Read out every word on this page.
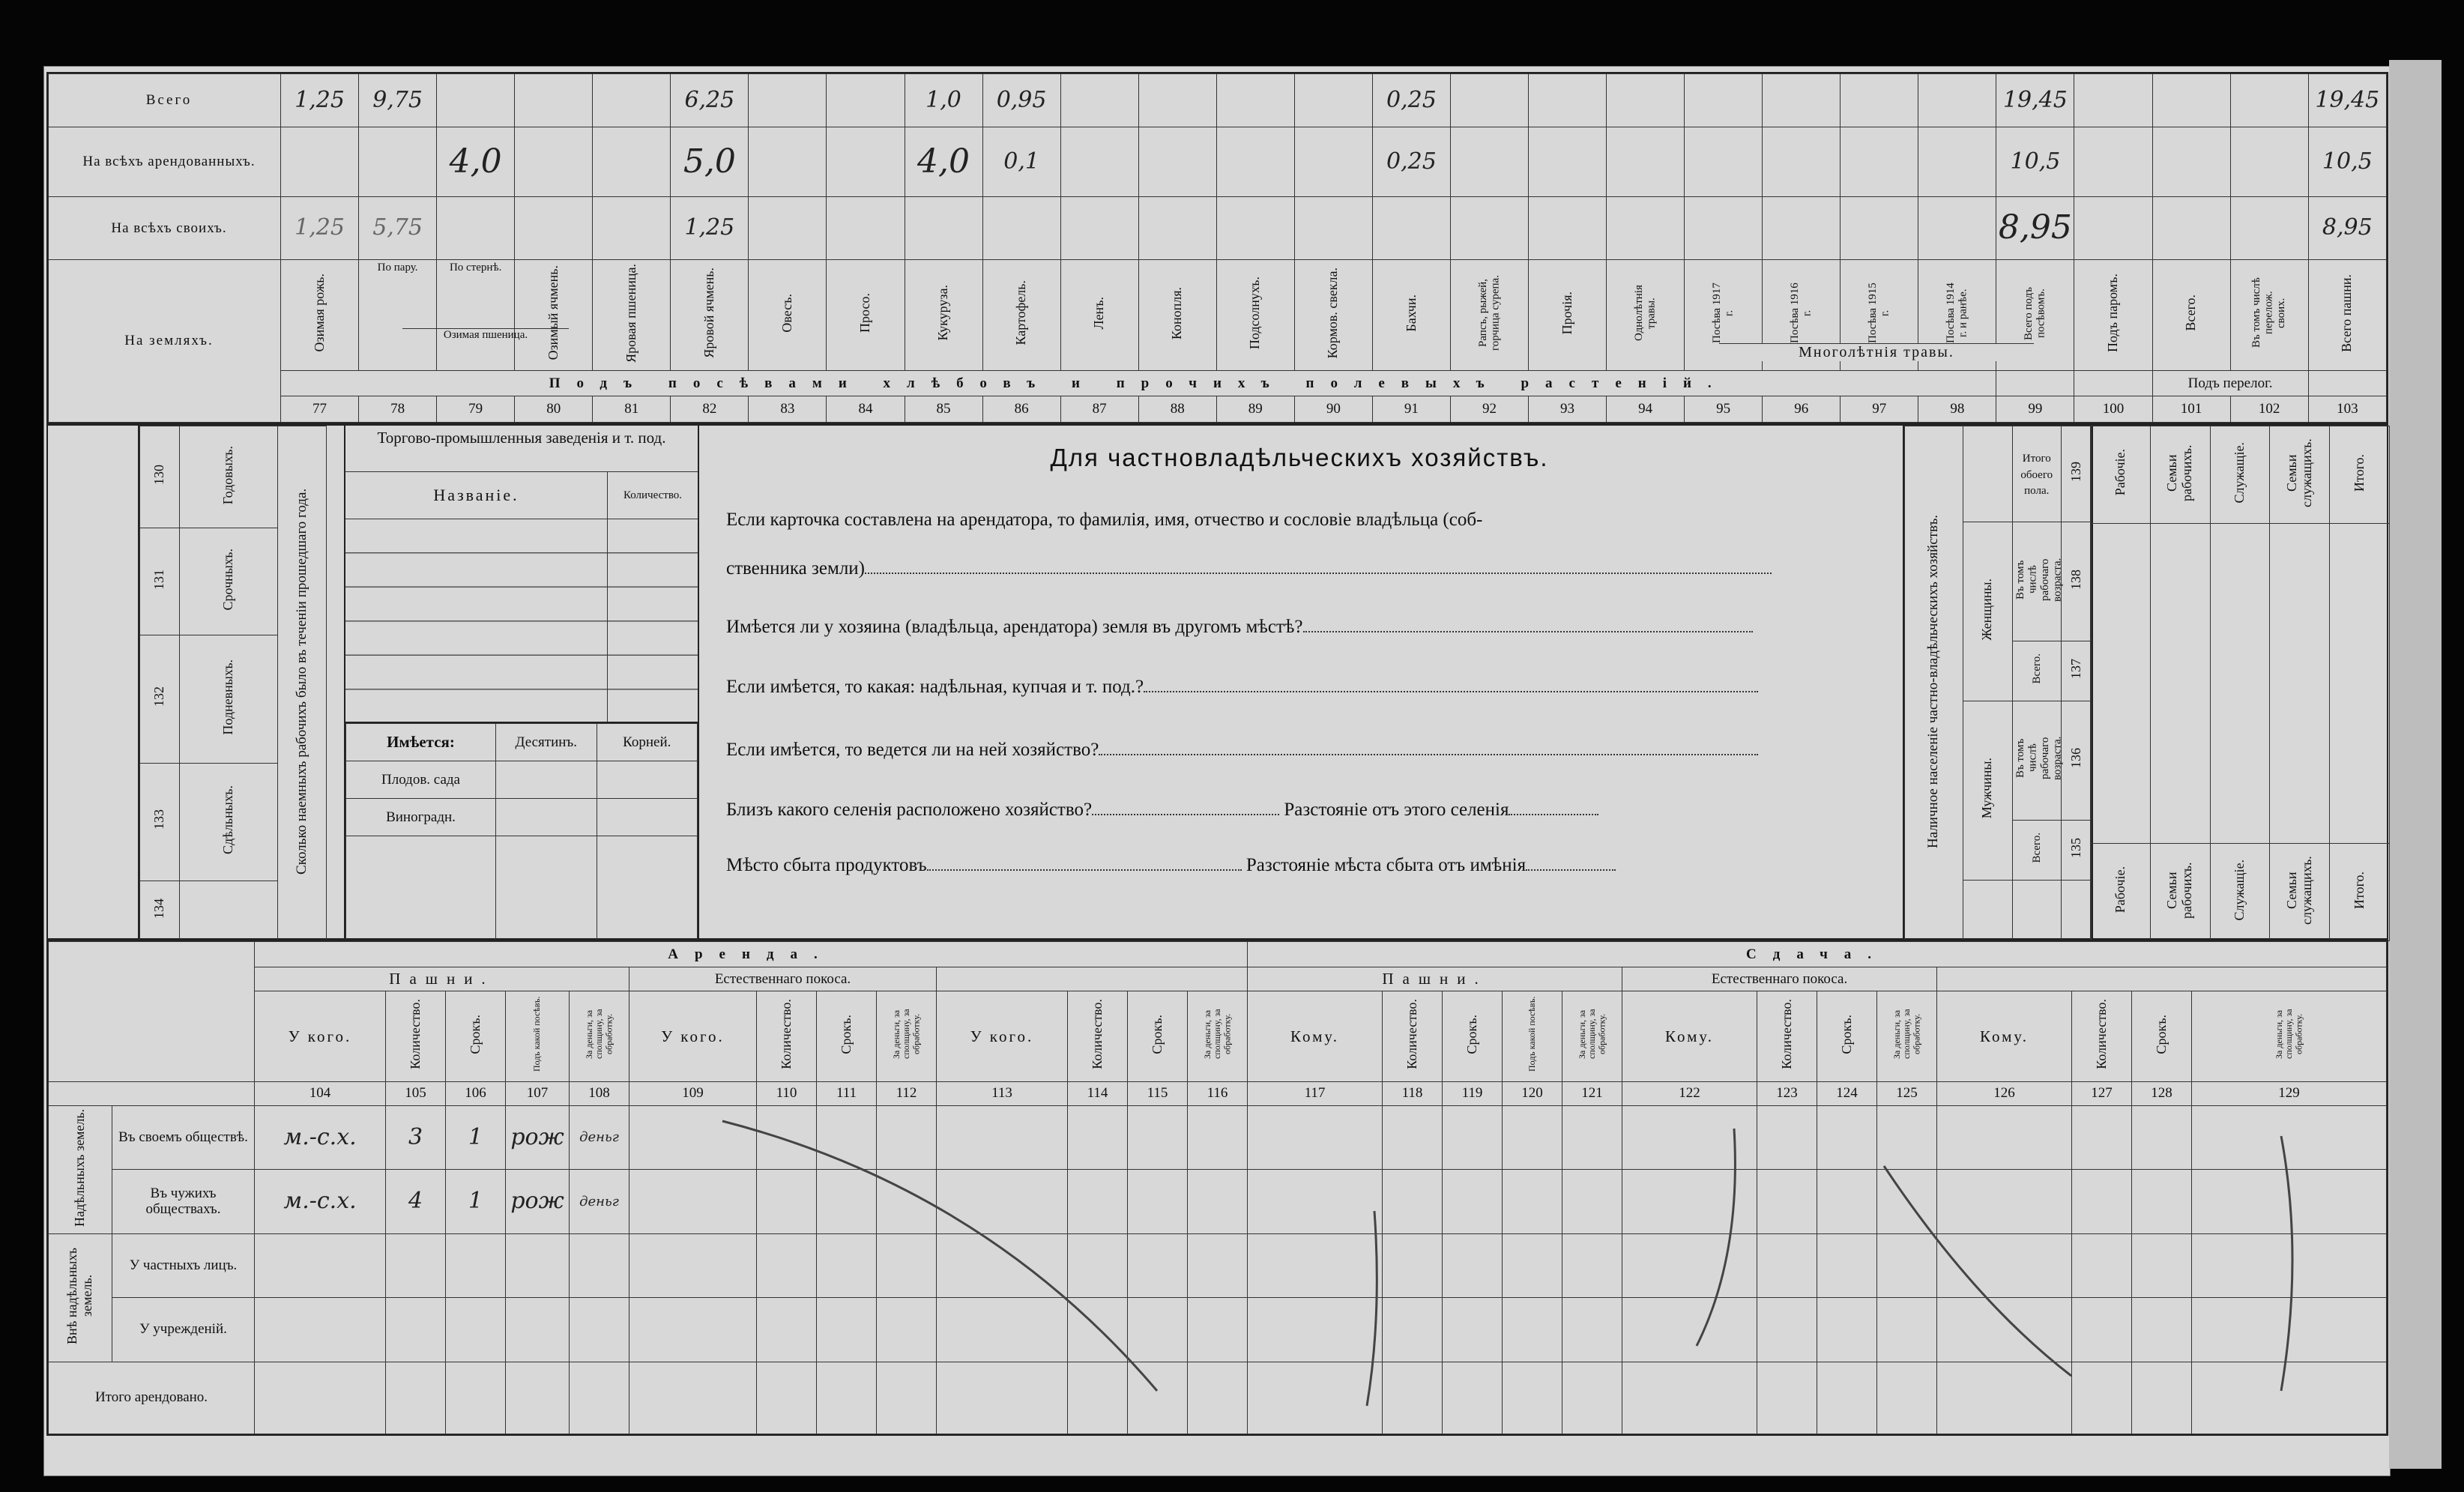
Всего	1,25	9,75				6,25			1,0	0,95					0,25								19,45				19,45
На всѣхъ арендованныхъ.			4,0			5,0			4,0	0,1					0,25								10,5				10,5
На всѣхъ своихъ.	1,25	5,75				1,25																	8,95				8,95
На земляхъ.	Озимая рожь.	По пару.	По стернѣ.	Озимый ячмень.	Яровая пшеница.	Яровой ячмень.	Овесъ.	Просо.	Кукуруза.	Картофель.	Ленъ.	Конопля.	Подсолнухъ.	Кормов. свекла.	Бахчи.	Рапсъ, рыжей, горчица сурепа.	Прочія.	Однолѣтнія травы.	Посѣва 1917 г.	Посѣва 1916 г.	Посѣва 1915 г.	Посѣва 1914 г. и ранѣе.	Всего подъ посѣвомъ.	Подъ паромъ.	Всего.	Въ томъ числѣ перелож. своих.	Всего пашни.
	Подъ посѣвами хлѣбовъ и прочихъ полевыхъ растеній.																								Подъ перелог.		
	77	78	79	80	81	82	83	84	85	86	87	88	89	90	91	92	93	94	95	96	97	98	99	100	101	102	103
Озимая пшеница.
Многолѣтнія травы.
130	Годовыхъ.	Сколько наемныхъ рабочихъ было въ теченіи прошедшаго года.
131	Срочныхъ.	
132	Подневныхъ.	
133	Сдѣльныхъ.	
134		
Торгово-промышленныя заведенія и т. под.
Названіе.	Количество.
Имѣется:	Десятинъ.	Корней.
Плодов. сада		
Виноградн.		

Для частновладѣльческихъ хозяйствъ.
Если карточка составлена на арендатора, то фамилія, имя, отчество и сословіе владѣльца (соб-
ственника земли)
Имѣется ли у хозяина (владѣльца, арендатора) земля въ другомъ мѣстѣ?
Если имѣется, то какая: надѣльная, купчая и т. под.?
Если имѣется, то ведется ли на ней хозяйство?
Близъ какого селенія расположено хозяйство?	Разстояніе отъ этого селенія
Мѣсто сбыта продуктовъ	Разстояніе мѣста сбыта отъ имѣнія
Наличное населеніе частно-владѣльческихъ хозяйствъ.		Итого обоего пола.	139
	Женщины.	Въ томъ числѣ рабочаго возраста.	138
		Всего.	137
	Мужчины.	Въ томъ числѣ рабочаго возраста.	136
		Всего.	135

Рабочіе.	Семьи рабочихъ.	Служащіе.	Семьи служащихъ.	Итого.

Рабочіе.	Семьи рабочихъ.	Служащіе.	Семьи служащихъ.	Итого.
		Аренда.													Сдача.												
		Пашни.					Естественнаго покоса.								Пашни.					Естественнаго покоса.							
		У кого.	Количество.	Срокъ.	Подъ какой посѣвъ.	За деньги, за сполщину, за обработку.	У кого.	Количество.	Срокъ.	За деньги, за сполщину, за обработку.	У кого.	Количество.	Срокъ.	За деньги, за сполщину, за обработку.	Кому.	Количество.	Срокъ.	Подъ какой посѣвъ.	За деньги, за сполщину, за обработку.	Кому.	Количество.	Срокъ.	За деньги, за сполщину, за обработку.	Кому.	Количество.	Срокъ.	За деньги, за сполщину, за обработку.
		104	105	106	107	108	109	110	111	112	113	114	115	116	117	118	119	120	121	122	123	124	125	126	127	128	129
Надѣльныхъ земель.	Въ своемъ обществѣ.	м.-с.х.	3	1	рож	деньг																					
	Въ чужихъ обществахъ.	м.-с.х.	4	1	рож	деньг																					
Внѣ надѣльныхъ земель.	У частныхъ лицъ.																										
	У учрежденій.																										
Итого арендовано.																											
